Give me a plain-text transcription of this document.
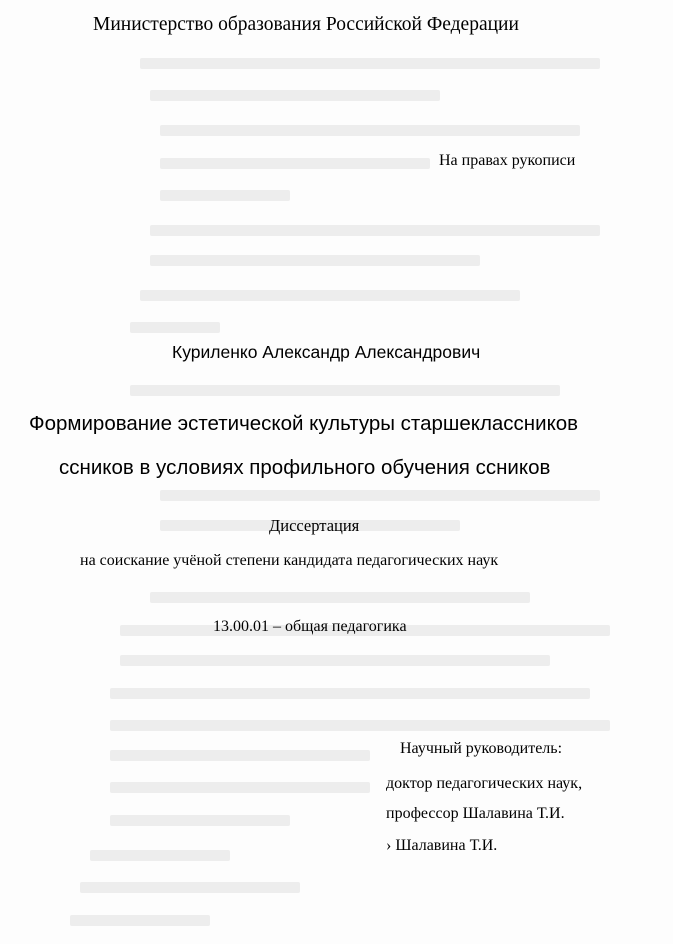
Министерство образования Российской Федерации
На правах рукописи
Куриленко Александр Александрович
Формирование эстетической культуры старшеклассников
ссников в условиях профильного обучения ссников
Диссертация
на соискание учёной степени кандидата педагогических наук
13.00.01 – общая педагогика
Научный руководитель:
доктор педагогических наук,
профессор Шалавина Т.И.
› Шалавина Т.И.
